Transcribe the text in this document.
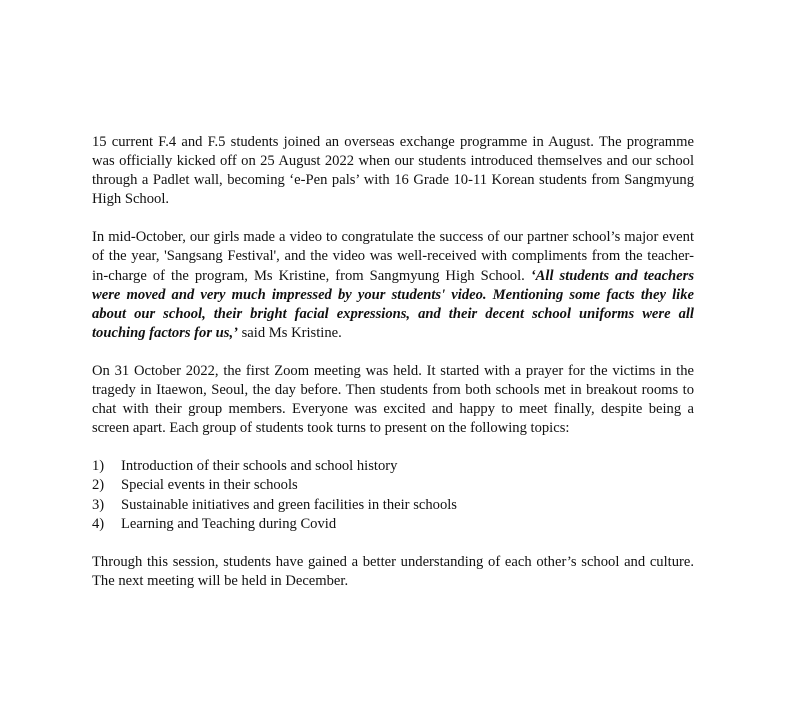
15 current F.4 and F.5 students joined an overseas exchange programme in August. The programme was officially kicked off on 25 August 2022 when our students introduced themselves and our school through a Padlet wall, becoming ‘e-Pen pals’ with 16 Grade 10-11 Korean students from Sangmyung High School.

In mid-October, our girls made a video to congratulate the success of our partner school’s major event of the year, 'Sangsang Festival', and the video was well-received with compliments from the teacher-in-charge of the program, Ms Kristine, from Sangmyung High School. ‘All students and teachers were moved and very much impressed by your students' video. Mentioning some facts they like about our school, their bright facial expressions, and their decent school uniforms were all touching factors for us,’ said Ms Kristine.

On 31 October 2022, the first Zoom meeting was held. It started with a prayer for the victims in the tragedy in Itaewon, Seoul, the day before. Then students from both schools met in breakout rooms to chat with their group members. Everyone was excited and happy to meet finally, despite being a screen apart. Each group of students took turns to present on the following topics:

1)	Introduction of their schools and school history
2)	Special events in their schools
3)	Sustainable initiatives and green facilities in their schools
4)	Learning and Teaching during Covid

Through this session, students have gained a better understanding of each other’s school and culture. The next meeting will be held in December.
